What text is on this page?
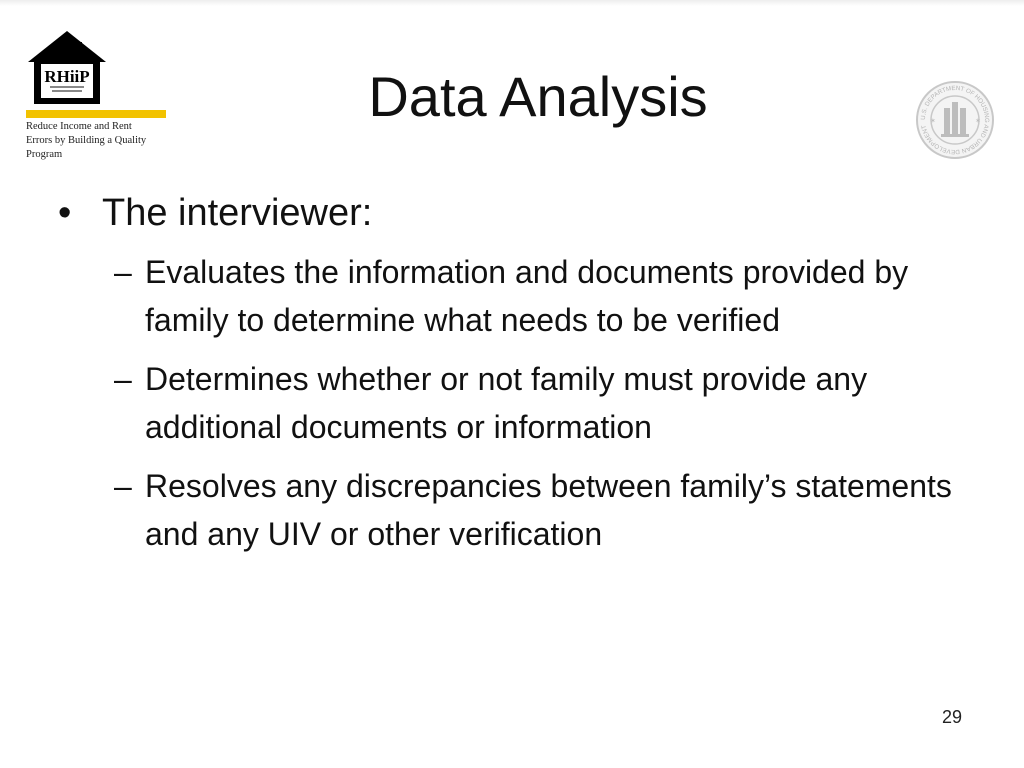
RHiiP
Reduce Income and Rent
Errors by Building a Quality
Program
U.S. DEPARTMENT OF HOUSING AND URBAN DEVELOPMENT
✶	✶
Data Analysis
• The interviewer:
– Evaluates the information and documents provided by family to determine what needs to be verified
– Determines whether or not family must provide any additional documents or information
– Resolves any discrepancies between family’s statements and any UIV or other verification
29
